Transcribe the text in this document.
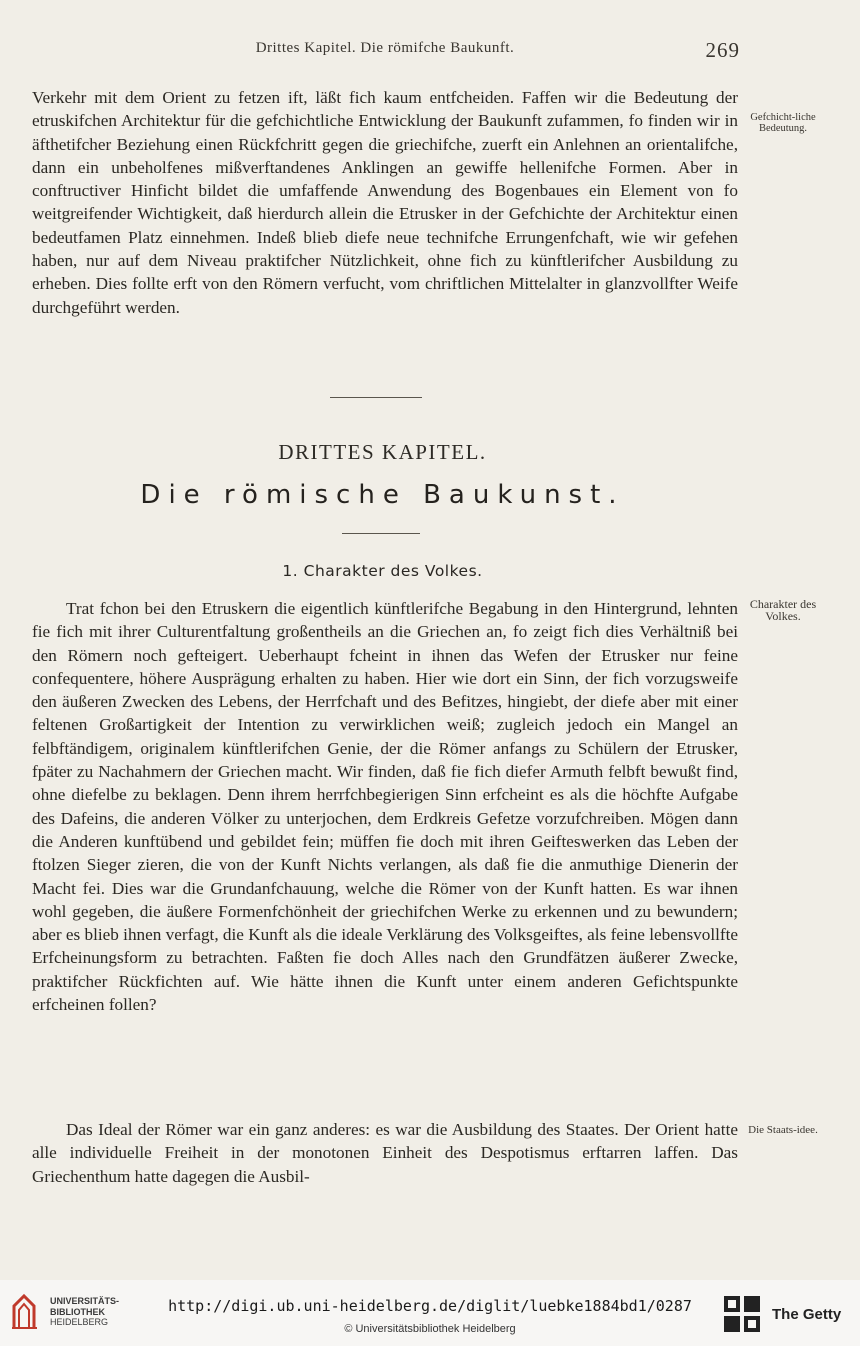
Drittes Kapitel. Die römifche Baukunft.	269
Verkehr mit dem Orient zu fetzen ift, läßt fich kaum entfcheiden. Faffen wir die Bedeutung der etruskifchen Architektur für die gefchichtliche Entwicklung der Baukunft zufammen, fo finden wir in äfthetifcher Beziehung einen Rückfchritt gegen die griechifche, zuerft ein Anlehnen an orientalifche, dann ein unbeholfenes mißverftandenes Anklingen an gewiffe hellenifche Formen. Aber in conftructiver Hinficht bildet die umfaffende Anwendung des Bogenbaues ein Element von fo weitgreifender Wichtigkeit, daß hierdurch allein die Etrusker in der Gefchichte der Architektur einen bedeutfamen Platz einnehmen. Indeß blieb diefe neue technifche Errungenfchaft, wie wir gefehen haben, nur auf dem Niveau praktifcher Nützlichkeit, ohne fich zu künftlerifcher Ausbildung zu erheben. Dies follte erft von den Römern verfucht, vom chriftlichen Mittelalter in glanzvollfter Weife durchgeführt werden.
Gefchicht-liche Bedeutung.
DRITTES KAPITEL.
Die römische Baukunst.
1. Charakter des Volkes.
Trat fchon bei den Etruskern die eigentlich künftlerifche Begabung in den Hintergrund, lehnten fie fich mit ihrer Culturentfaltung großentheils an die Griechen an, fo zeigt fich dies Verhältniß bei den Römern noch gefteigert. Ueberhaupt fcheint in ihnen das Wefen der Etrusker nur feine confequentere, höhere Ausprägung erhalten zu haben. Hier wie dort ein Sinn, der fich vorzugsweife den äußeren Zwecken des Lebens, der Herrfchaft und des Befitzes, hingiebt, der diefe aber mit einer feltenen Großartigkeit der Intention zu verwirklichen weiß; zugleich jedoch ein Mangel an felbftändigem, originalem künftlerifchen Genie, der die Römer anfangs zu Schülern der Etrusker, fpäter zu Nachahmern der Griechen macht. Wir finden, daß fie fich diefer Armuth felbft bewußt find, ohne diefelbe zu beklagen. Denn ihrem herrfchbegierigen Sinn erfcheint es als die höchfte Aufgabe des Dafeins, die anderen Völker zu unterjochen, dem Erdkreis Gefetze vorzufchreiben. Mögen dann die Anderen kunftübend und gebildet fein; müffen fie doch mit ihren Geifteswerken das Leben der ftolzen Sieger zieren, die von der Kunft Nichts verlangen, als daß fie die anmuthige Dienerin der Macht fei. Dies war die Grundanfchauung, welche die Römer von der Kunft hatten. Es war ihnen wohl gegeben, die äußere Formenfchönheit der griechifchen Werke zu erkennen und zu bewundern; aber es blieb ihnen verfagt, die Kunft als die ideale Verklärung des Volksgeiftes, als feine lebensvollfte Erfcheinungsform zu betrachten. Faßten fie doch Alles nach den Grundfätzen äußerer Zwecke, praktifcher Rückfichten auf. Wie hätte ihnen die Kunft unter einem anderen Gefichtspunkte erfcheinen follen?
Charakter des Volkes.
Das Ideal der Römer war ein ganz anderes: es war die Ausbildung des Staates. Der Orient hatte alle individuelle Freiheit in der monotonen Einheit des Despotismus erftarren laffen. Das Griechenthum hatte dagegen die Ausbil-
Die Staats-idee.
UNIVERSITÄTS-
BIBLIOTHEK
HEIDELBERG
http://digi.ub.uni-heidelberg.de/diglit/luebke1884bd1/0287
© Universitätsbibliothek Heidelberg
The Getty
